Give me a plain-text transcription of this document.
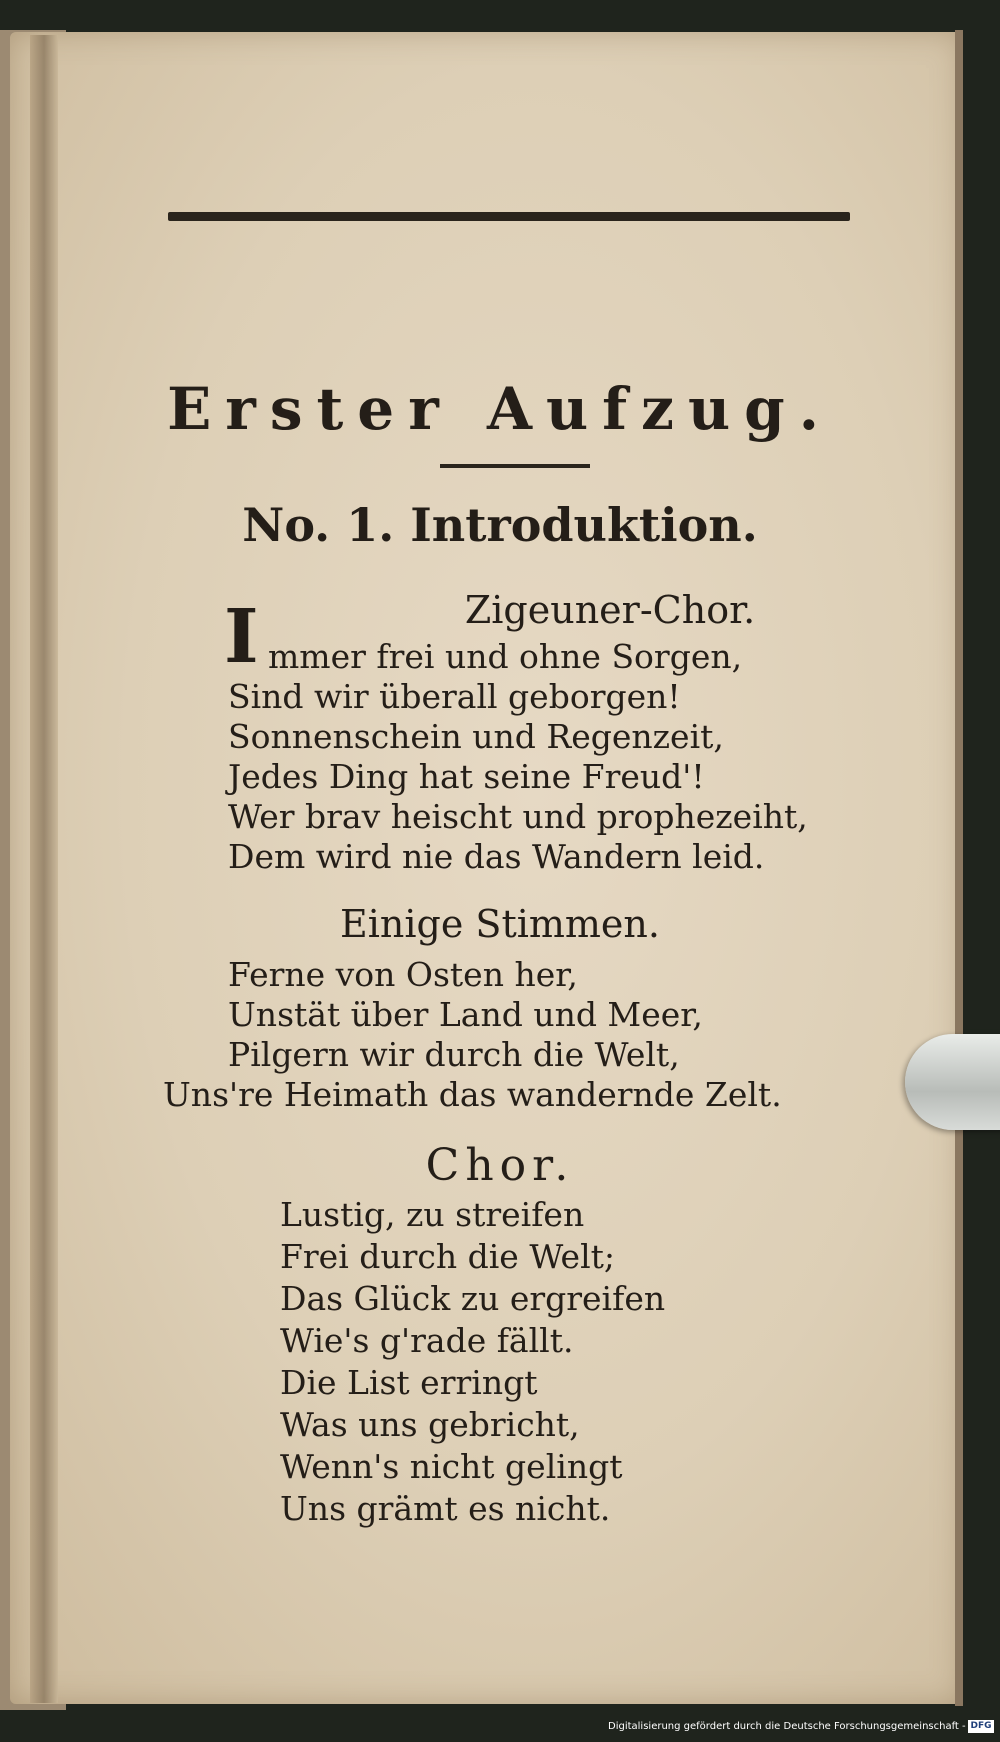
Erster Aufzug.

No. 1. Introduktion.

Zigeuner-Chor.

I mmer frei und ohne Sorgen,

Sind wir überall geborgen!

Sonnenschein und Regenzeit,

Jedes Ding hat seine Freud'!

Wer brav heischt und prophezeiht,

Dem wird nie das Wandern leid.

Einige Stimmen.

Ferne von Osten her,

Unstät über Land und Meer,

Pilgern wir durch die Welt,

Uns're Heimath das wandernde Zelt.

Chor.

Lustig, zu streifen

Frei durch die Welt;

Das Glück zu ergreifen

Wie's g'rade fällt.

Die List erringt

Was uns gebricht,

Wenn's nicht gelingt

Uns grämt es nicht.

Digitalisierung gefördert durch die Deutsche Forschungsgemeinschaft - DFG
